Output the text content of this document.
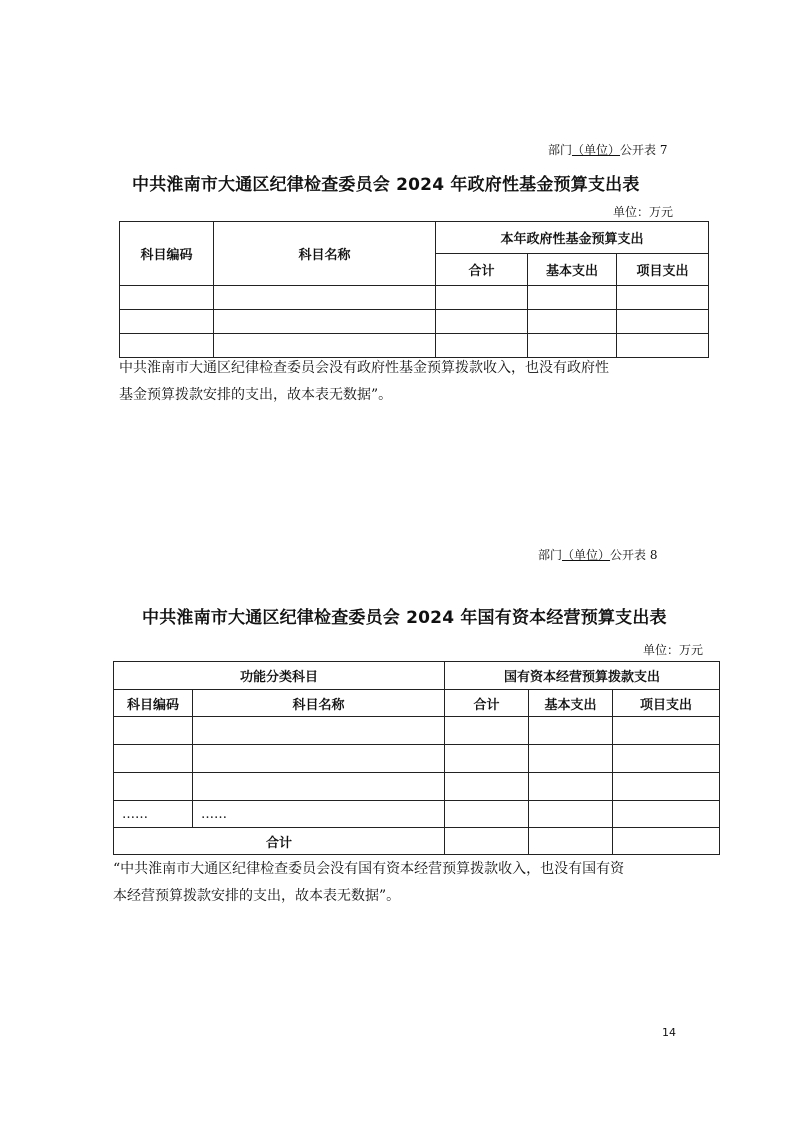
部门（单位）公开表 7
中共淮南市大通区纪律检查委员会 2024 年政府性基金预算支出表
单位：万元
科目编码	科目名称	本年政府性基金预算支出		
		合计	基本支出	项目支出

中共淮南市大通区纪律检查委员会没有政府性基金预算拨款收入，也没有政府性
基金预算拨款安排的支出，故本表无数据”。
部门（单位）公开表 8
中共淮南市大通区纪律检查委员会 2024 年国有资本经营预算支出表
单位：万元
功能分类科目		国有资本经营预算拨款支出		
科目编码	科目名称	合计	基本支出	项目支出

……	……			
合计				
“中共淮南市大通区纪律检查委员会没有国有资本经营预算拨款收入，也没有国有资
本经营预算拨款安排的支出，故本表无数据”。
14
